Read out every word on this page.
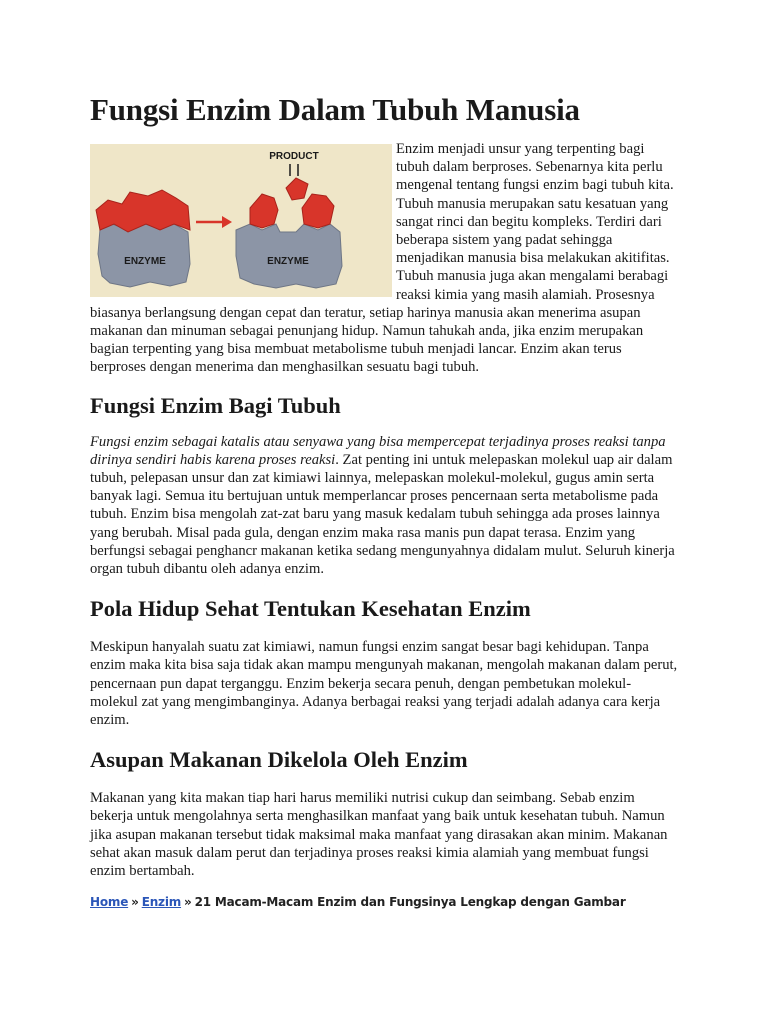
Fungsi Enzim Dalam Tubuh Manusia
ENZYME	ENZYME
PRODUCT	Enzim menjadi unsur yang terpenting bagi tubuh dalam berproses. Sebenarnya kita perlu mengenal tentang fungsi enzim bagi tubuh kita. Tubuh manusia merupakan satu kesatuan yang sangat rinci dan begitu kompleks. Terdiri dari beberapa sistem yang padat sehingga menjadikan manusia bisa melakukan akitifitas. Tubuh manusia juga akan mengalami berabagi reaksi kimia yang masih alamiah. Prosesnya biasanya berlangsung dengan cepat dan teratur, setiap harinya manusia akan menerima asupan makanan dan minuman sebagai penunjang hidup. Namun tahukah anda, jika enzim merupakan bagian terpenting yang bisa membuat metabolisme tubuh menjadi lancar. Enzim akan terus berproses dengan menerima dan menghasilkan sesuatu bagi tubuh.

Fungsi Enzim Bagi Tubuh

Fungsi enzim sebagai katalis atau senyawa yang bisa mempercepat terjadinya proses reaksi tanpa dirinya sendiri habis karena proses reaksi. Zat penting ini untuk melepaskan molekul uap air dalam tubuh, pelepasan unsur dan zat kimiawi lainnya, melepaskan molekul-molekul, gugus amin serta banyak lagi. Semua itu bertujuan untuk memperlancar proses pencernaan serta metabolisme pada tubuh. Enzim bisa mengolah zat-zat baru yang masuk kedalam tubuh sehingga ada proses lainnya yang berubah. Misal pada gula, dengan enzim maka rasa manis pun dapat terasa. Enzim yang berfungsi sebagai penghancr makanan ketika sedang mengunyahnya didalam mulut. Seluruh kinerja organ tubuh dibantu oleh adanya enzim.

Pola Hidup Sehat Tentukan Kesehatan Enzim

Meskipun hanyalah suatu zat kimiawi, namun fungsi enzim sangat besar bagi kehidupan. Tanpa enzim maka kita bisa saja tidak akan mampu mengunyah makanan, mengolah makanan dalam perut, pencernaan pun dapat terganggu. Enzim bekerja secara penuh, dengan pembetukan molekul-molekul zat yang mengimbanginya. Adanya berbagai reaksi yang terjadi adalah adanya cara kerja enzim.

Asupan Makanan Dikelola Oleh Enzim

Makanan yang kita makan tiap hari harus memiliki nutrisi cukup dan seimbang. Sebab enzim bekerja untuk mengolahnya serta menghasilkan manfaat yang baik untuk kesehatan tubuh. Namun jika asupan makanan tersebut tidak maksimal maka manfaat yang dirasakan akan minim. Makanan sehat akan masuk dalam perut dan terjadinya proses reaksi kimia alamiah yang membuat fungsi enzim bertambah.

Home » Enzim » 21 Macam-Macam Enzim dan Fungsinya Lengkap dengan Gambar
